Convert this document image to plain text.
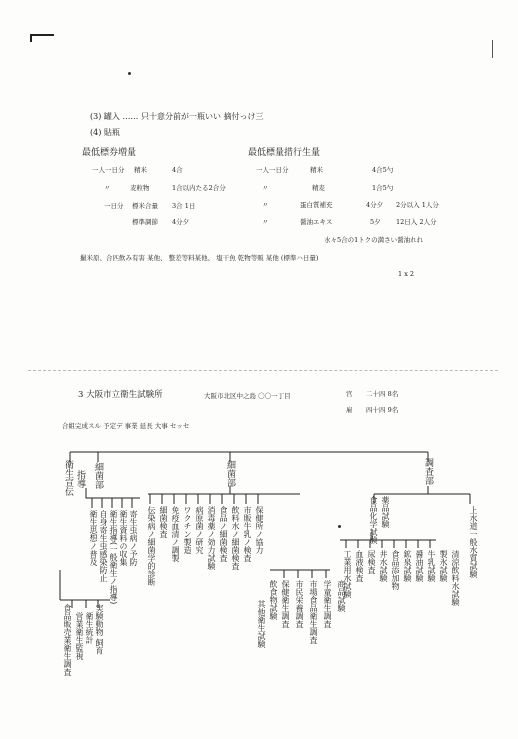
(3) 罐入 …… 只十意分前が一瓶いい 摘付っけ三
(4) 貼瓶
最低標券増量	最低標量措行生量
一人一日分 精米	4合
〃	麦粒物	1合以内たる2合分
一日分 標米合量 3合 1日
標準調節 4分夕
一人一日分	精米	4合5勺
〃	精麦	1合5勺
〃	蛋白質補充	4分夕 2分以入 1人分
〃	醤油エキス	5夕 12日入 2人分
水々5合の1トクの満さい醤油れれ
撮米原、合匹飲み有害 某他、 整差等料某他、 塩干魚 乾物等販 某他 (標準ハ日量)
1 x 2
3 大阪市立衛生試験所	大阪市北区中之島 〇〇一丁目	官 二十四 8名
雇 四十四 9名
合組完成スル 予定デ 事業 延長 大事 セッセ
衛生宣伝 指導 細菌部	細菌部	調査部
衛生思想ノ普及 自身寄生虫感染防止 衛生指導(一般衛生ノ指導) 衛生資料の収集 寄生虫病ノ予防
実験動物 飼育
伝染病ノ細菌学的診断 細菌検査 免疫血清ノ調製 ワクチン製造 病原菌ノ研究 消毒薬ノ効力試験 食品ノ細菌検査 飲料水ノ細菌検査 市販牛乳ノ検査 保健所ノ協力
保健衛生調査 市民栄養調査 市場食品衛生調査 学童衛生調査
食品販売業衛生調査 営業衛生監視 衛生統計
上水道一般水質試験
食品化学試験 薬品試験
工業用水試験 血液検査 尿検査 井水試験 食品添加物 鉱泉試験 醤油試験 牛乳試験 製氷試験 清涼飲料水試験
飲食物試験	商品試験
其他衛生試験
